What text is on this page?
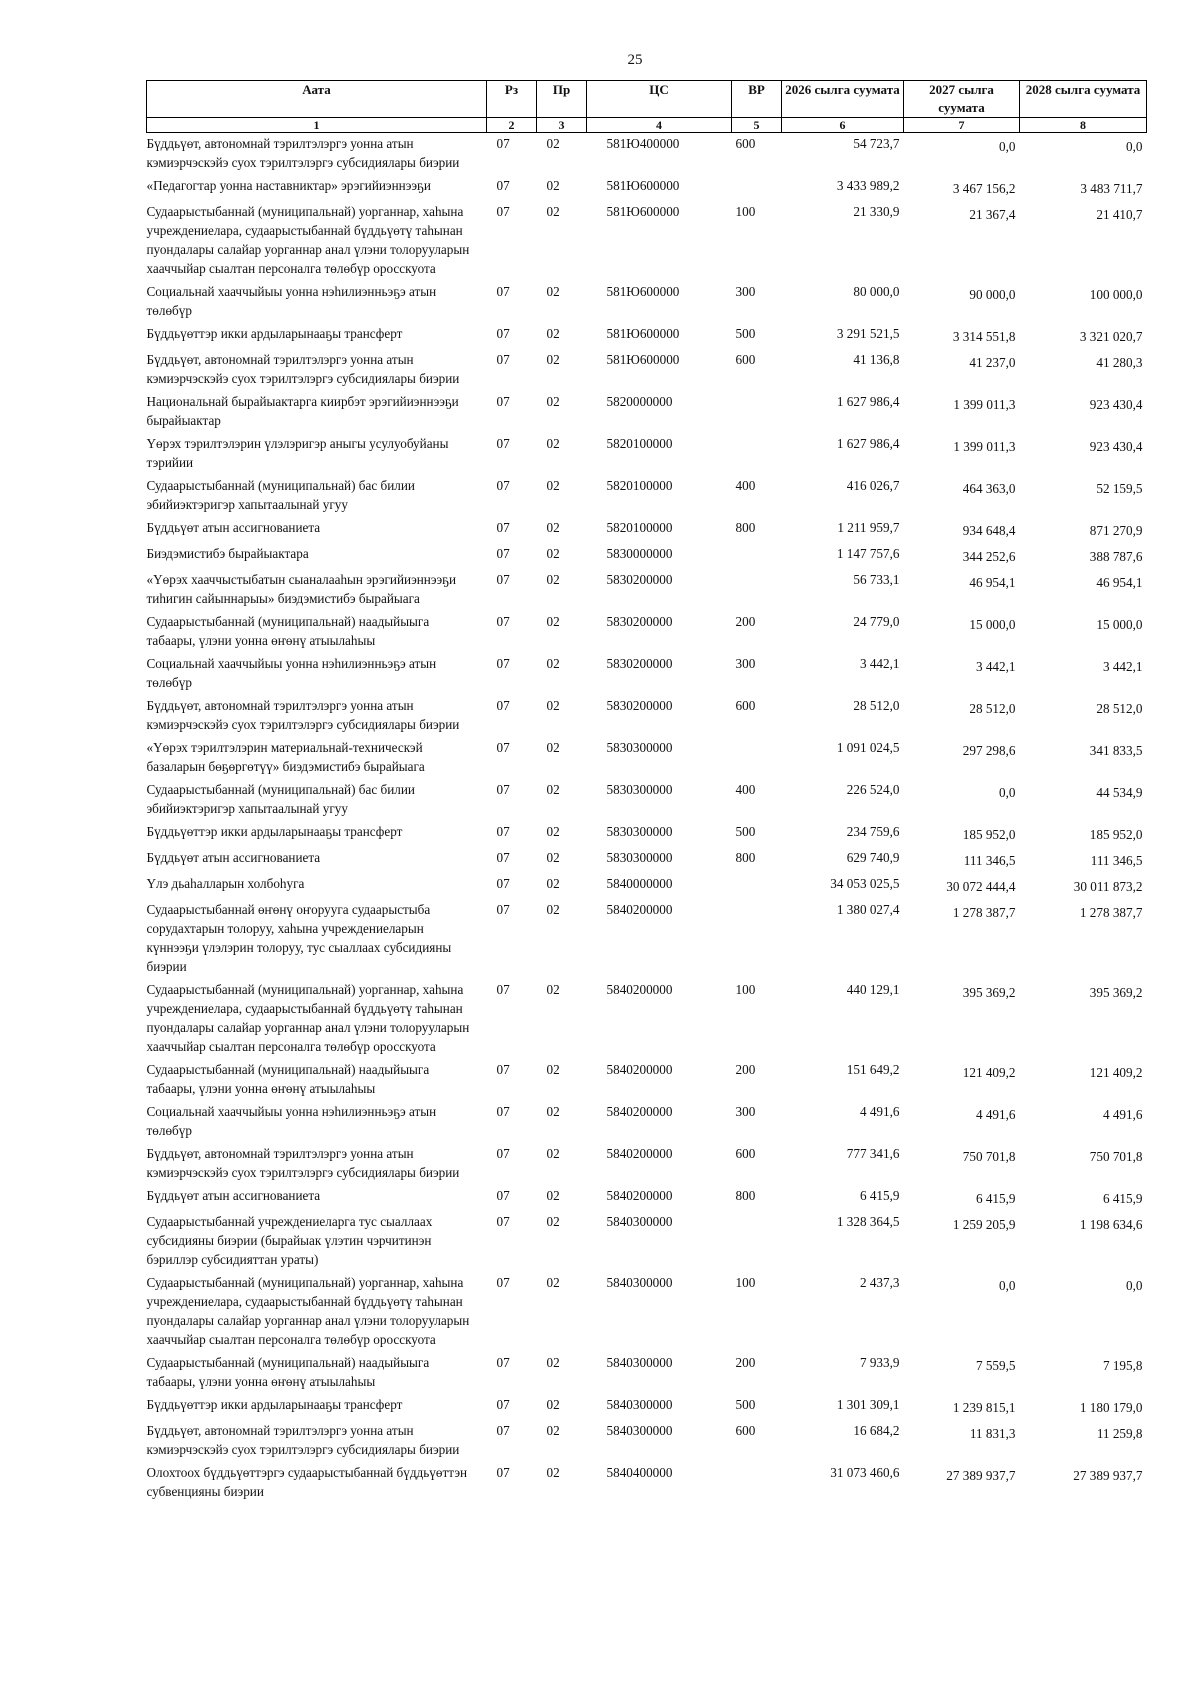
25
Аата	Рз	Пр	ЦС	ВР	2026 сылга суумата	2027 сылга суумата	2028 сылга суумата
1	2	3	4	5	6	7	8
Бүддьүөт, автономнай тэрилтэлэргэ уонна атын кэмиэрчэскэйэ суох тэрилтэлэргэ субсидиялары биэрии	07	02	581Ю400000	600	54 723,7	0,0	0,0
«Педагогтар уонна наставниктар» эрэгийиэннээҕи	07	02	581Ю600000		3 433 989,2	3 467 156,2	3 483 711,7
Судаарыстыбаннай (муниципальнай) уорганнар, хаһына учреждениелара, судаарыстыбаннай бүддьүөтү таһынан пуондалары салайар уорганнар анал үлэни толорууларын хааччыйар сыалтан персоналга төлөбүр оросскуота	07	02	581Ю600000	100	21 330,9	21 367,4	21 410,7
Социальнай хааччыйыы уонна нэһилиэнньэҕэ атын төлөбүр	07	02	581Ю600000	300	80 000,0	90 000,0	100 000,0
Бүддьүөттэр икки ардыларынааҕы трансферт	07	02	581Ю600000	500	3 291 521,5	3 314 551,8	3 321 020,7
Бүддьүөт, автономнай тэрилтэлэргэ уонна атын кэмиэрчэскэйэ суох тэрилтэлэргэ субсидиялары биэрии	07	02	581Ю600000	600	41 136,8	41 237,0	41 280,3
Национальнай бырайыактарга киирбэт эрэгийиэннээҕи бырайыактар	07	02	5820000000		1 627 986,4	1 399 011,3	923 430,4
Үөрэх тэрилтэлэрин үлэлэригэр аныгы усулуобуйаны тэрийии	07	02	5820100000		1 627 986,4	1 399 011,3	923 430,4
Судаарыстыбаннай (муниципальнай) бас билии эбийиэктэригэр хапытаалынай угуу	07	02	5820100000	400	416 026,7	464 363,0	52 159,5
Бүддьүөт атын ассигнованиета	07	02	5820100000	800	1 211 959,7	934 648,4	871 270,9
Биэдэмистибэ бырайыактара	07	02	5830000000		1 147 757,6	344 252,6	388 787,6
«Үөрэх хааччыстыбатын сыаналааһын эрэгийиэннээҕи тиһигин сайыннарыы» биэдэмистибэ бырайыага	07	02	5830200000		56 733,1	46 954,1	46 954,1
Судаарыстыбаннай (муниципальнай) наадыйыыга табаары, үлэни уонна өҥөнү атыылаһыы	07	02	5830200000	200	24 779,0	15 000,0	15 000,0
Социальнай хааччыйыы уонна нэһилиэнньэҕэ атын төлөбүр	07	02	5830200000	300	3 442,1	3 442,1	3 442,1
Бүддьүөт, автономнай тэрилтэлэргэ уонна атын кэмиэрчэскэйэ суох тэрилтэлэргэ субсидиялары биэрии	07	02	5830200000	600	28 512,0	28 512,0	28 512,0
«Үөрэх тэрилтэлэрин материальнай-техническэй базаларын бөҕөргөтүү» биэдэмистибэ бырайыага	07	02	5830300000		1 091 024,5	297 298,6	341 833,5
Судаарыстыбаннай (муниципальнай) бас билии эбийиэктэригэр хапытаалынай угуу	07	02	5830300000	400	226 524,0	0,0	44 534,9
Бүддьүөттэр икки ардыларынааҕы трансферт	07	02	5830300000	500	234 759,6	185 952,0	185 952,0
Бүддьүөт атын ассигнованиета	07	02	5830300000	800	629 740,9	111 346,5	111 346,5
Үлэ дьаһалларын холбоһуга	07	02	5840000000		34 053 025,5	30 072 444,4	30 011 873,2
Судаарыстыбаннай өҥөнү оҥорууга судаарыстыба сорудахтарын толоруу, хаһына учреждениеларын күннээҕи үлэлэрин толоруу, тус сыаллаах субсидияны биэрии	07	02	5840200000		1 380 027,4	1 278 387,7	1 278 387,7
Судаарыстыбаннай (муниципальнай) уорганнар, хаһына учреждениелара, судаарыстыбаннай бүддьүөтү таһынан пуондалары салайар уорганнар анал үлэни толорууларын хааччыйар сыалтан персоналга төлөбүр оросскуота	07	02	5840200000	100	440 129,1	395 369,2	395 369,2
Судаарыстыбаннай (муниципальнай) наадыйыыга табаары, үлэни уонна өҥөнү атыылаһыы	07	02	5840200000	200	151 649,2	121 409,2	121 409,2
Социальнай хааччыйыы уонна нэһилиэнньэҕэ атын төлөбүр	07	02	5840200000	300	4 491,6	4 491,6	4 491,6
Бүддьүөт, автономнай тэрилтэлэргэ уонна атын кэмиэрчэскэйэ суох тэрилтэлэргэ субсидиялары биэрии	07	02	5840200000	600	777 341,6	750 701,8	750 701,8
Бүддьүөт атын ассигнованиета	07	02	5840200000	800	6 415,9	6 415,9	6 415,9
Судаарыстыбаннай учреждениеларга тус сыаллаах субсидияны биэрии (бырайыак үлэтин чэрчитинэн бэриллэр субсидияттан ураты)	07	02	5840300000		1 328 364,5	1 259 205,9	1 198 634,6
Судаарыстыбаннай (муниципальнай) уорганнар, хаһына учреждениелара, судаарыстыбаннай бүддьүөтү таһынан пуондалары салайар уорганнар анал үлэни толорууларын хааччыйар сыалтан персоналга төлөбүр оросскуота	07	02	5840300000	100	2 437,3	0,0	0,0
Судаарыстыбаннай (муниципальнай) наадыйыыга табаары, үлэни уонна өҥөнү атыылаһыы	07	02	5840300000	200	7 933,9	7 559,5	7 195,8
Бүддьүөттэр икки ардыларынааҕы трансферт	07	02	5840300000	500	1 301 309,1	1 239 815,1	1 180 179,0
Бүддьүөт, автономнай тэрилтэлэргэ уонна атын кэмиэрчэскэйэ суох тэрилтэлэргэ субсидиялары биэрии	07	02	5840300000	600	16 684,2	11 831,3	11 259,8
Олохтоох бүддьүөттэргэ судаарыстыбаннай бүддьүөттэн субвенцияны биэрии	07	02	5840400000		31 073 460,6	27 389 937,7	27 389 937,7
